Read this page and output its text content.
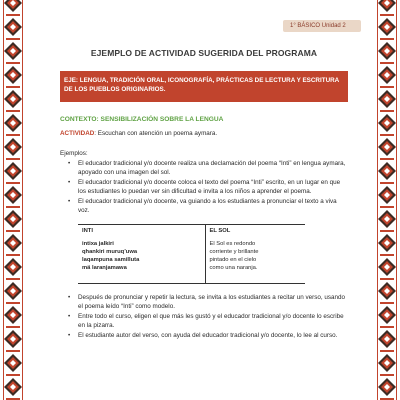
1° BÁSICO Unidad 2
EJEMPLO DE ACTIVIDAD SUGERIDA DEL PROGRAMA
EJE: LENGUA, TRADICIÓN ORAL, ICONOGRAFÍA, PRÁCTICAS DE LECTURA Y ESCRITURA DE LOS PUEBLOS ORIGINARIOS.
CONTEXTO: SENSIBILIZACIÓN SOBRE LA LENGUA
ACTIVIDAD: Escuchan con atención un poema aymara.
Ejemplos:
• El educador tradicional y/o docente realiza una declamación del poema “Inti” en lengua aymara, apoyado con una imagen del sol.
• El educador tradicional y/o docente coloca el texto del poema “Inti” escrito, en un lugar en que los estudiantes lo puedan ver sin dificultad e invita a los niños a aprender el poema.
• El educador tradicional y/o docente, va guiando a los estudiantes a pronunciar el texto a viva voz.
INTI
intixa jalkiri
qhankiri muruq’uwa
laqampuna samilluta
mä laranjamawa

EL SOL
El Sol es redondo
corriente y brillante
pintado en el cielo
como una naranja.
• Después de pronunciar y repetir la lectura, se invita a los estudiantes a recitar un verso, usando el poema leído “Inti” como modelo.
• Entre todo el curso, eligen el que más les gustó y el educador tradicional y/o docente lo escribe en la pizarra.
• El estudiante autor del verso, con ayuda del educador tradicional y/o docente, lo lee al curso.
